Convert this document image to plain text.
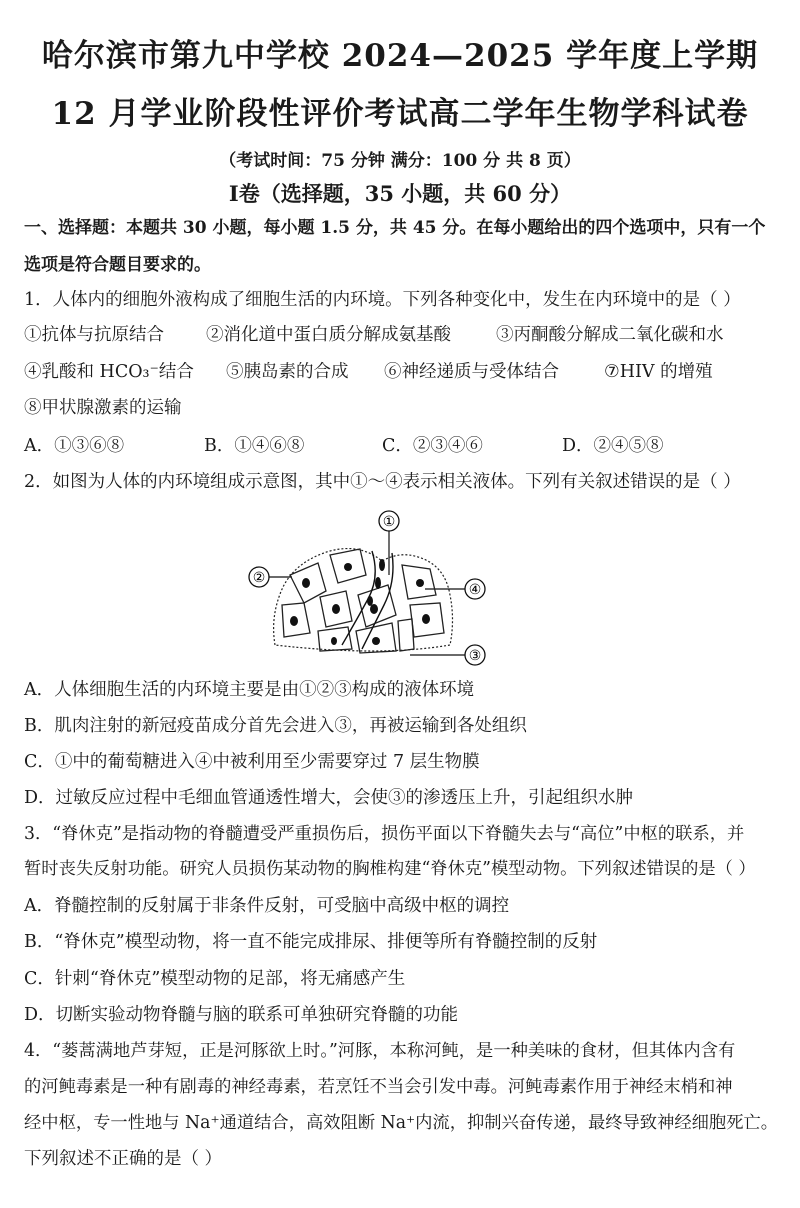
哈尔滨市第九中学校 2024—2025 学年度上学期
12 月学业阶段性评价考试高二学年生物学科试卷
（考试时间：75 分钟 满分：100 分 共 8 页）
Ⅰ卷（选择题，35 小题，共 60 分）
一、选择题：本题共 30 小题，每小题 1.5 分，共 45 分。在每小题给出的四个选项中，只有一个
选项是符合题目要求的。
1．人体内的细胞外液构成了细胞生活的内环境。下列各种变化中，发生在内环境中的是（ ）
①抗体与抗原结合 ②消化道中蛋白质分解成氨基酸	③丙酮酸分解成二氧化碳和水
④乳酸和 HCO₃⁻结合 ⑤胰岛素的合成 ⑥神经递质与受体结合	⑦HIV 的增殖
⑧甲状腺激素的运输
A．①③⑥⑧	B．①④⑥⑧	C．②③④⑥	D．②④⑤⑧
2．如图为人体的内环境组成示意图，其中①～④表示相关液体。下列有关叙述错误的是（ ）
①
②
④
③
A．人体细胞生活的内环境主要是由①②③构成的液体环境
B．肌肉注射的新冠疫苗成分首先会进入③，再被运输到各处组织
C．①中的葡萄糖进入④中被利用至少需要穿过 7 层生物膜
D．过敏反应过程中毛细血管通透性增大，会使③的渗透压上升，引起组织水肿
3．“脊休克”是指动物的脊髓遭受严重损伤后，损伤平面以下脊髓失去与“高位”中枢的联系，并
暂时丧失反射功能。研究人员损伤某动物的胸椎构建“脊休克”模型动物。下列叙述错误的是（ ）
A．脊髓控制的反射属于非条件反射，可受脑中高级中枢的调控
B．“脊休克”模型动物，将一直不能完成排尿、排便等所有脊髓控制的反射
C．针刺“脊休克”模型动物的足部，将无痛感产生
D．切断实验动物脊髓与脑的联系可单独研究脊髓的功能
4．“蒌蒿满地芦芽短，正是河豚欲上时。”河豚，本称河鲀，是一种美味的食材，但其体内含有
的河鲀毒素是一种有剧毒的神经毒素，若烹饪不当会引发中毒。河鲀毒素作用于神经末梢和神
经中枢，专一性地与 Na⁺通道结合，高效阻断 Na⁺内流，抑制兴奋传递，最终导致神经细胞死亡。
下列叙述不正确的是（ ）
